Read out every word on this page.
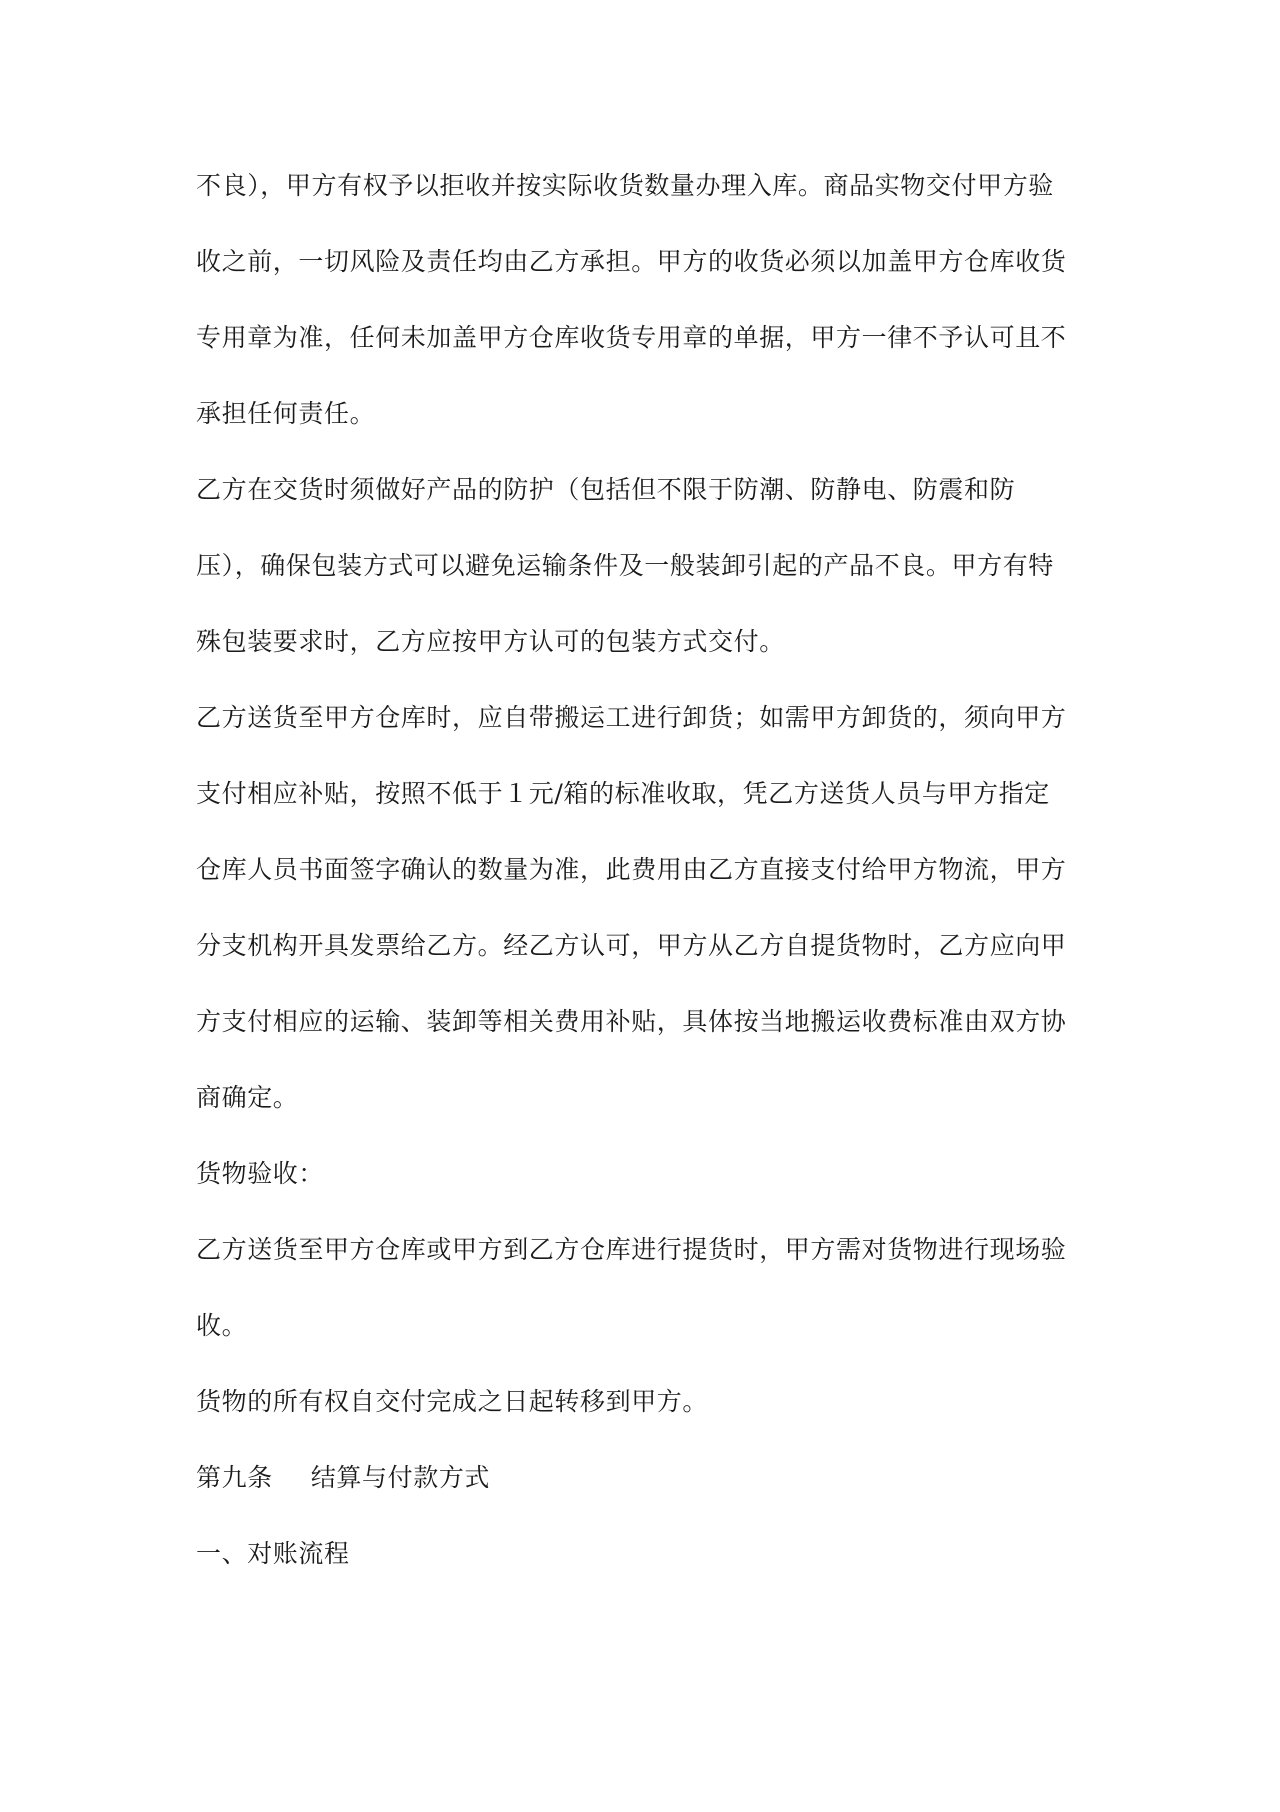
不良），甲方有权予以拒收并按实际收货数量办理入库。商品实物交付甲方验
收之前，一切风险及责任均由乙方承担。甲方的收货必须以加盖甲方仓库收货
专用章为准，任何未加盖甲方仓库收货专用章的单据，甲方一律不予认可且不
承担任何责任。
乙方在交货时须做好产品的防护（包括但不限于防潮、防静电、防震和防
压），确保包装方式可以避免运输条件及一般装卸引起的产品不良。甲方有特
殊包装要求时，乙方应按甲方认可的包装方式交付。
乙方送货至甲方仓库时，应自带搬运工进行卸货；如需甲方卸货的，须向甲方
支付相应补贴，按照不低于１元/箱的标准收取，凭乙方送货人员与甲方指定
仓库人员书面签字确认的数量为准，此费用由乙方直接支付给甲方物流，甲方
分支机构开具发票给乙方。经乙方认可，甲方从乙方自提货物时，乙方应向甲
方支付相应的运输、装卸等相关费用补贴，具体按当地搬运收费标准由双方协
商确定。
货物验收：
乙方送货至甲方仓库或甲方到乙方仓库进行提货时，甲方需对货物进行现场验
收。
货物的所有权自交付完成之日起转移到甲方。
第九条 结算与付款方式
一、对账流程
